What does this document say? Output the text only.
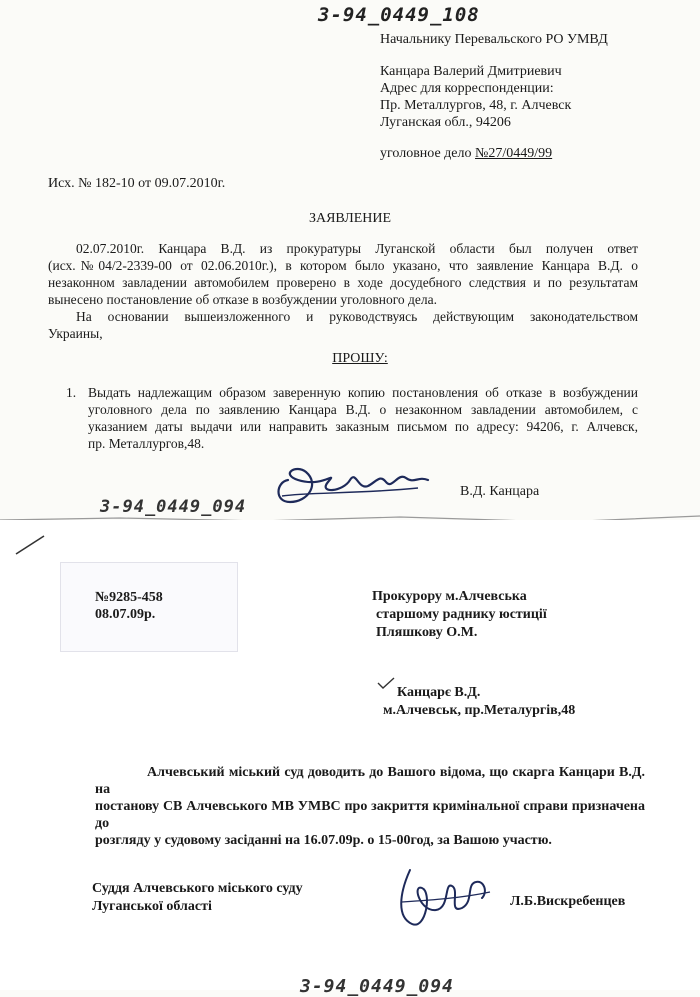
3-94_0449_108
Начальнику Перевальского РО УМВД
Канцара Валерий Дмитриевич
Адрес для корреспонденции:
Пр. Металлургов, 48, г. Алчевск
Луганская обл., 94206
уголовное дело №27/0449/99
Исх. № 182-10 от 09.07.2010г.
ЗАЯВЛЕНИЕ
02.07.2010г. Канцара В.Д. из прокуратуры Луганской области был получен ответ
(исх.№04/2-2339-00 от 02.06.2010г.), в котором было указано, что заявление Канцара В.Д. о
незаконном завладении автомобилем проверено в ходе досудебного следствия и по результатам
вынесено постановление об отказе в возбуждении уголовного дела.
На основании вышеизложенного и руководствуясь действующим законодательством
Украины,
ПРОШУ:
1. Выдать надлежащим образом заверенную копию постановления об отказе в возбуждении
уголовного дела по заявлению Канцара В.Д. о незаконном завладении автомобилем, с
указанием даты выдачи или направить заказным письмом по адресу: 94206, г. Алчевск,
пр. Металлургов,48.
В.Д. Канцара
3-94_0449_094
№9285-458
08.07.09р.
Прокурору м.Алчевська
старшому раднику юстиції
Пляшкову О.М.
Канцарє В.Д.
м.Алчевськ, пр.Металургів,48
Алчевський міський суд доводить до Вашого відома, що скарга Канцари В.Д. на
постанову СВ Алчевського МВ УМВС про закриття кримінальної справи призначена до
розгляду у судовому засіданні на 16.07.09р. о 15-00год, за Вашою участю.
Суддя Алчевського міського суду
Луганської області	Л.Б.Вискребенцев
3-94_0449_094
